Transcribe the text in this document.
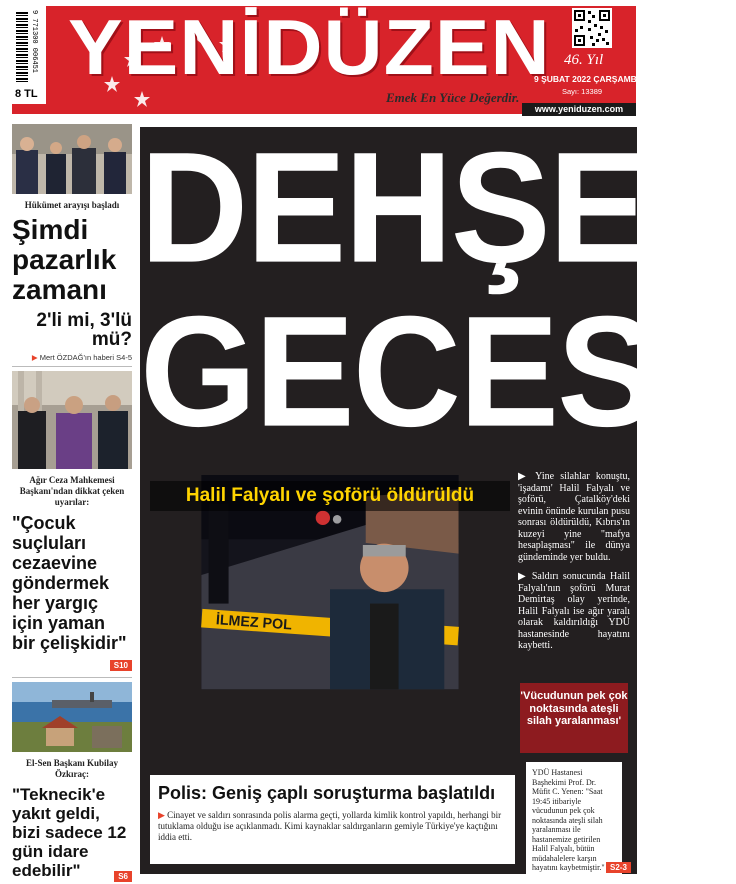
9 771300 006451
8 TL
YENİDÜZEN
Emek En Yüce Değerdir.
46. Yıl
9 ŞUBAT 2022 ÇARŞAMBA
Sayı: 13389
www.yeniduzen.com
Hükümet arayışı başladı
Şimdi pazarlık zamanı
2'li mi, 3'lü mü?
▶ Mert ÖZDAĞ'ın haberi S4-5
Ağır Ceza Mahkemesi Başkanı'ndan dikkat çeken uyarılar:
"Çocuk suçluları cezaevine göndermek her yargıç için yaman bir çelişkidir"
S10
El-Sen Başkanı Kubilay Özkıraç:
"Teknecik'e yakıt geldi, bizi sadece 12 gün idare edebilir"	S6
DEHŞET
GECESİ
İLMEZ POL
Halil Falyalı ve şoförü öldürüldü

▶ Yine silahlar konuştu, 'işadamı' Halil Falyalı ve şoförü, Çatalköy'deki evinin önünde kurulan pusu sonrası öldürüldü, Kıbrıs'ın kuzeyi yine "mafya hesaplaşması" ile dünya gündeminde yer buldu.

▶ Saldırı sonucunda Halil Falyalı'nın şoförü Murat Demirtaş olay yerinde, Halil Falyalı ise ağır yaralı olarak kaldırıldığı YDÜ hastanesinde hayatını kaybetti.

'Vücudunun pek çok noktasında ateşli silah yaralanması'
YDÜ Hastanesi Başhekimi Prof. Dr. Müfit C. Yenen: "Saat 19:45 itibariyle vücudunun pek çok noktasında ateşli silah yaralanması ile hastanemize getirilen Halil Falyalı, bütün müdahalelere karşın hayatını kaybetmiştir."
Polis: Geniş çaplı soruşturma başlatıldı
▶ Cinayet ve saldırı sonrasında polis alarma geçti, yollarda kimlik kontrol yapıldı, herhangi bir tutuklama olduğu ise açıklanmadı. Kimi kaynaklar saldırganların gemiyle Türkiye'ye kaçtığını iddia etti.
S2-3
